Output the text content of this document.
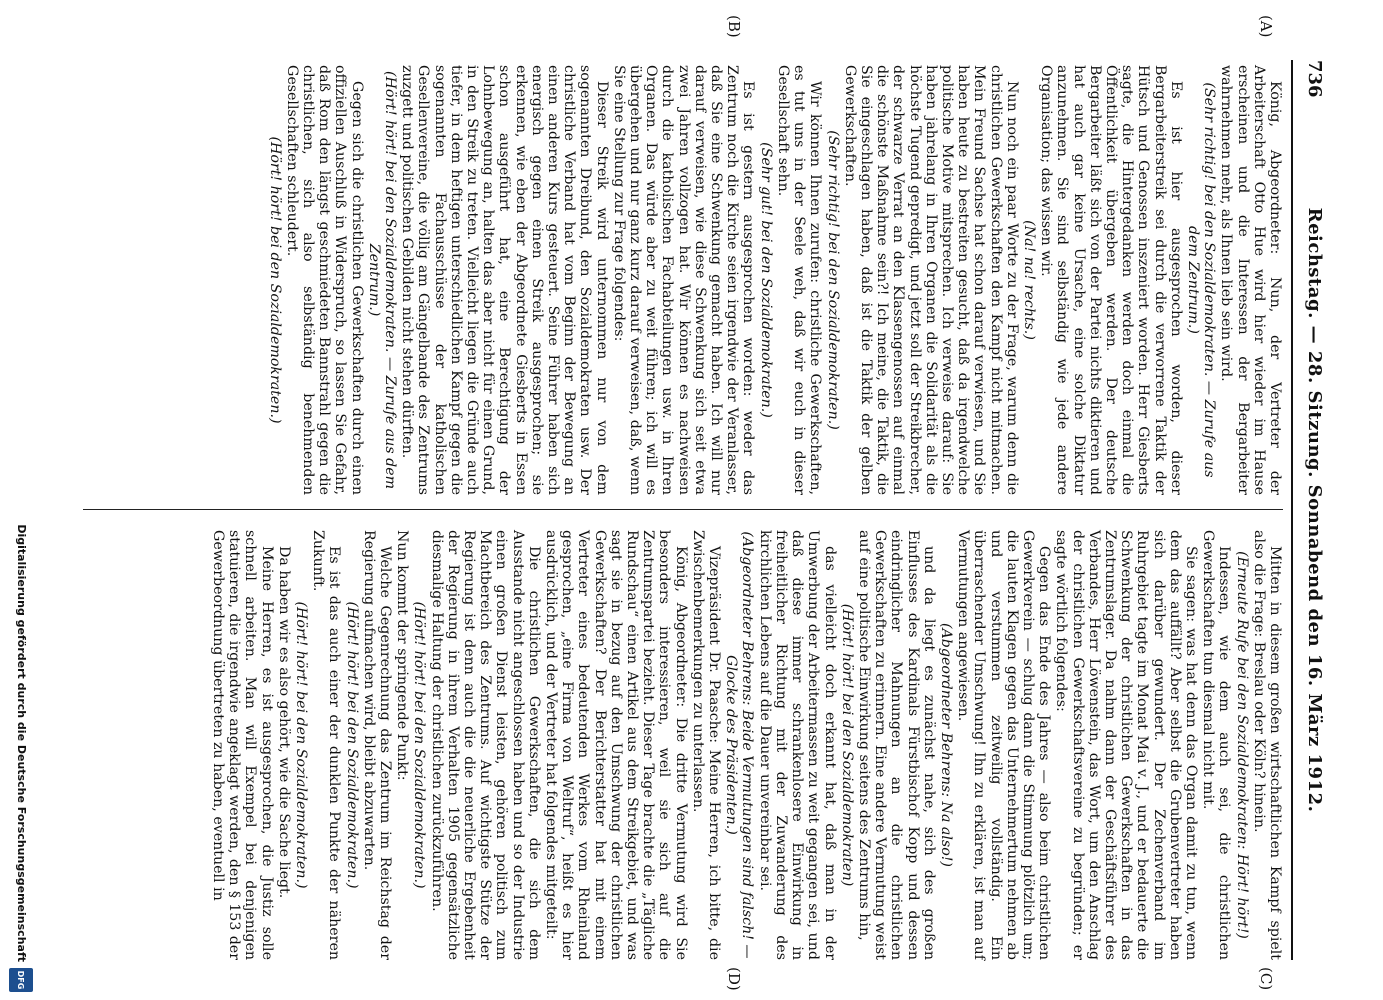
736
Reichstag. — 28. Sitzung. Sonnabend den 16. März 1912.
(A)
(B)
(C)
(D)

König, Abgeordneter: Nun, der Vertreter der Arbeiterschaft Otto Hue wird hier wieder im Hause erscheinen und die Interessen der Bergarbeiter wahrnehmen mehr, als Ihnen lieb sein wird.

(Sehr richtig! bei den Sozialdemokraten. — Zurufe aus dem Zentrum.)

Es ist hier ausgesprochen worden, dieser Bergarbeiterstreik sei durch die verworrene Taktik der Hütsch und Genossen inszeniert worden. Herr Giesberts sagte, die Hintergedanken werden doch einmal die Öffentlichkeit übergeben werden. Der deutsche Bergarbeiter läßt sich von der Partei nichts diktieren und hat auch gar keine Ursache, eine solche Diktatur anzunehmen. Sie sind selbständig wie jede andere Organisation; das wissen wir.

(Na! na! rechts.)

Nun noch ein paar Worte zu der Frage, warum denn die christlichen Gewerkschaften den Kampf nicht mitmachen. Mein Freund Sachse hat schon darauf verwiesen, und Sie haben heute zu bestreiten gesucht, daß da irgendwelche politische Motive mitsprechen. Ich verweise darauf: Sie haben jahrelang in Ihren Organen die Solidarität als die höchste Tugend gepredigt, und jetzt soll der Streikbrecher, der schwarze Verrat an den Klassengenossen auf einmal die schönste Maßnahme sein?! Ich meine, die Taktik, die Sie eingeschlagen haben, daß ist die Taktik der gelben Gewerkschaften.

(Sehr richtig! bei den Sozialdemokraten.)

Wir können Ihnen zurufen: christliche Gewerkschaften, es tut uns in der Seele weh, daß wir euch in dieser Gesellschaft sehn.

(Sehr gut! bei den Sozialdemokraten.)

Es ist gestern ausgesprochen worden: weder das Zentrum noch die Kirche seien irgendwie der Veranlasser, daß Sie eine Schwenkung gemacht haben. Ich will nur darauf verweisen, wie diese Schwenkung sich seit etwa zwei Jahren vollzogen hat. Wir können es nachweisen durch die katholischen Fachabteilungen usw. in Ihren Organen. Das würde aber zu weit führen; ich will es übergehen und nur ganz kurz darauf verweisen, daß, wenn Sie eine Stellung zur Frage folgendes:

Dieser Streik wird unternommen nur von dem sogenannten Dreibund, den Sozialdemokraten usw. Der christliche Verband hat vom Beginn der Bewegung an einen anderen Kurs gesteuert. Seine Führer haben sich energisch gegen einen Streik ausgesprochen; sie erkennen, wie eben der Abgeordnete Giesberts in Essen schon ausgeführt hat, eine Berechtigung der Lohnbewegung an, halten das aber nicht für einen Grund, in den Streik zu treten. Vielleicht liegen die Gründe auch tiefer, in dem heftigen unterschiedlichen Kampf gegen die sogenannten Fachausschüsse der katholischen Gesellenvereine, die völlig am Gängelbande des Zentrums zuzgett und politischen Gebilden nicht stehen dürften.

(Hört! hört! bei den Sozialdemokraten. — Zurufe aus dem Zentrum.)

Gegen sich die christlichen Gewerkschaften durch einen offiziellen Auschluß in Widerspruch, so lassen Sie Gefahr, daß Rom den längst geschmiedeten Bannstrahl gegen die christlichen, sich also selbständig benehmenden Gesellschaften schleudert.

(Hört! hört! bei den Sozialdemokraten.)

Mitten in diesem großen wirtschaftlichen Kampf spielt also die Frage: Breslau oder Köln? hinein.

(Erneute Rufe bei den Sozialdemokraten: Hört! hört!)

Indessen, wie dem auch sei, die christlichen Gewerkschaften tun diesmal nicht mit.

Sie sagen: was hat denn das Organ damit zu tun, wenn dem das auffällt? Aber selbst die Grubenvertreter haben sich darüber gewundert. Der Zechenverband im Ruhrgebiet tagte im Monat Mai v. J., und er bedauerte die Schwenkung der christlichen Gewerkschaften in das Zentrumslager. Da nahm dann der Geschäftsführer des Verbandes, Herr Löwenstein, das Wort, um den Anschlag der christlichen Gewerkschaftsvereine zu begründen; er sagte wörtlich folgendes:

Gegen das Ende des Jahres — also beim christlichen Gewerkverein — schlug dann die Stimmung plötzlich um; die lauten Klagen gegen das Unternehmertum nehmen ab und verstummen zeitweilig vollständig. Ein überraschender Umschwung! Ihn zu erklären, ist man auf Vermutungen angewiesen.

(Abgeordneter Behrens: Na also!)

und da liegt es zunächst nahe, sich des großen Einflusses des Kardinals Fürstbischof Kopp und dessen eindringlicher Mahnungen an die christlichen Gewerkschaften zu erinnern. Eine andere Vermutung weist auf eine politische Einwirkung seitens des Zentrums hin,

(Hört! hört! bei den Sozialdemokraten)

das vielleicht doch erkannt hat, daß man in der Umwerbung der Arbeitermassen zu weit gegangen sei, und daß diese immer schrankenlosere Einwirkung in freiheitlicher Richtung mit der Zuwanderung des kirchlichen Lebens auf die Dauer unvereinbar sei.

(Abgeordneter Behrens: Beide Vermutungen sind falsch! — Glocke des Präsidenten.)

Vizepräsident Dr. Paasche: Meine Herren, ich bitte, die Zwischenbemerkungen zu unterlassen.

König, Abgeordneter: Die dritte Vermutung wird Sie besonders interessieren, weil sie sich auf die Zentrumspartei bezieht. Dieser Tage brachte die „Tägliche Rundschau“ einen Artikel aus dem Streikgebiet, und was sagt sie in bezug auf den Umschwung der christlichen Gewerkschaften? Der Berichterstatter hat mit einem Vertreter eines bedeutenden Werkes vom Rheinland gesprochen, „eine Firma von Weltruf“, heißt es hier ausdrücklich, und der Vertreter hat folgendes mitgeteilt:

Die christlichen Gewerkschaften, die sich dem Ausstande nicht angeschlossen haben und so der Industrie einen großen Dienst leisten, gehören politisch zum Machtbereich des Zentrums. Auf wichtigste Stütze der Regierung ist denn auch die die neuerliche Ergebenheit der Regierung in ihrem Verhalten 1905 gegensätzliche diesmalige Haltung der christlichen zurückzuführen.

(Hört! hört! bei den Sozialdemokraten.)

Nun kommt der springende Punkt:

Welche Gegenrechnung das Zentrum im Reichstag der Regierung aufmachen wird, bleibt abzuwarten.

(Hört! hört! bei den Sozialdemokraten.)

Es ist das auch einer der dunklen Punkte der näheren Zukunft.

(Hört! hört! bei den Sozialdemokraten.)

Da haben wir es also gehört, wie die Sache liegt.

Meine Herren, es ist ausgesprochen, die Justiz solle schnell arbeiten. Man will Exempel bei denjenigen statuieren, die irgendwie angeklagt werden, den § 153 der Gewerbeordnung übertreten zu haben, eventuell in

Digitalisierung gefördert durch die Deutsche Forschungsgemeinschaft
DFG
